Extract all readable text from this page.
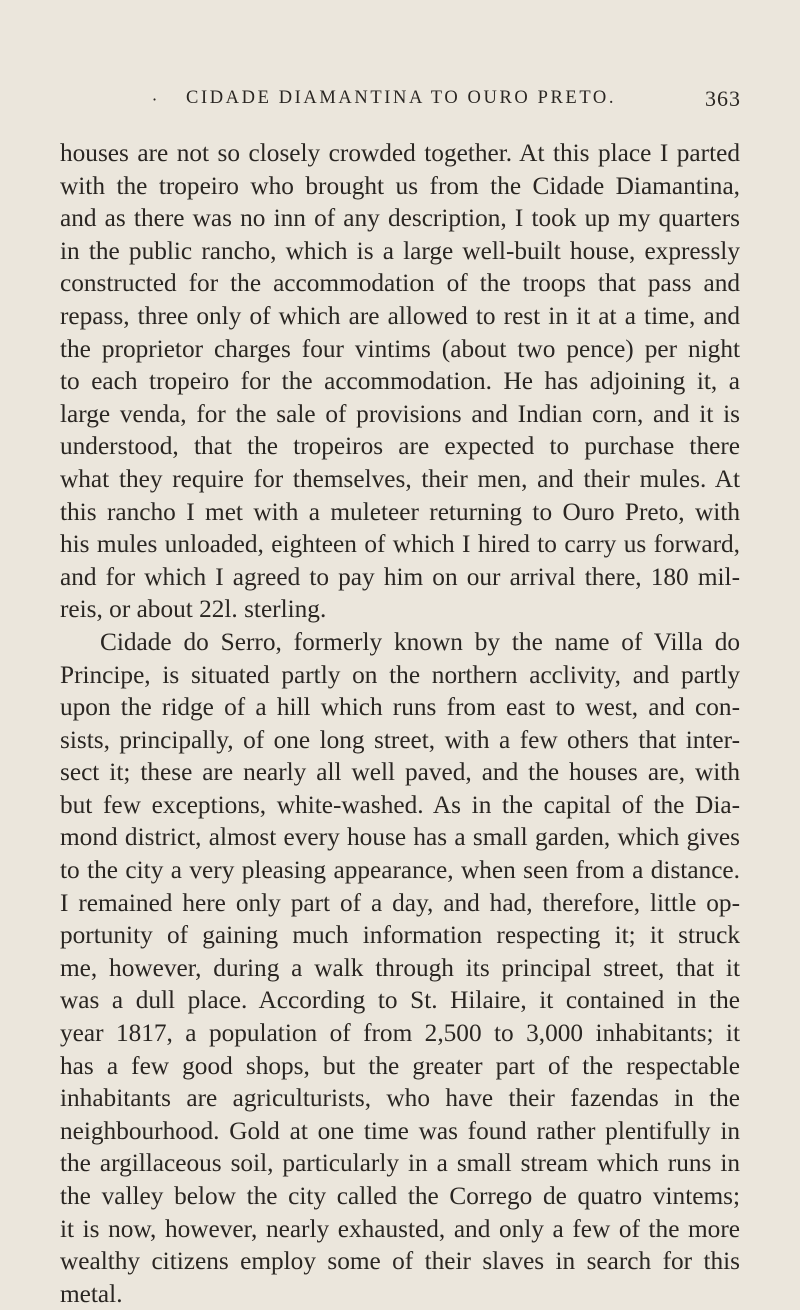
· CIDADE DIAMANTINA TO OURO PRETO.	363
houses are not so closely crowded together. At this place I parted
with the tropeiro who brought us from the Cidade Diamantina,
and as there was no inn of any description, I took up my quarters
in the public rancho, which is a large well-built house, expressly
constructed for the accommodation of the troops that pass and
repass, three only of which are allowed to rest in it at a time, and
the proprietor charges four vintims (about two pence) per night
to each tropeiro for the accommodation. He has adjoining it, a
large venda, for the sale of provisions and Indian corn, and it is
understood, that the tropeiros are expected to purchase there
what they require for themselves, their men, and their mules. At
this rancho I met with a muleteer returning to Ouro Preto, with
his mules unloaded, eighteen of which I hired to carry us forward,
and for which I agreed to pay him on our arrival there, 180 mil-
reis, or about 22l. sterling.
Cidade do Serro, formerly known by the name of Villa do
Principe, is situated partly on the northern acclivity, and partly
upon the ridge of a hill which runs from east to west, and con-
sists, principally, of one long street, with a few others that inter-
sect it; these are nearly all well paved, and the houses are, with
but few exceptions, white-washed. As in the capital of the Dia-
mond district, almost every house has a small garden, which gives
to the city a very pleasing appearance, when seen from a distance.
I remained here only part of a day, and had, therefore, little op-
portunity of gaining much information respecting it; it struck
me, however, during a walk through its principal street, that it
was a dull place. According to St. Hilaire, it contained in the
year 1817, a population of from 2,500 to 3,000 inhabitants; it
has a few good shops, but the greater part of the respectable
inhabitants are agriculturists, who have their fazendas in the
neighbourhood. Gold at one time was found rather plentifully in
the argillaceous soil, particularly in a small stream which runs in
the valley below the city called the Corrego de quatro vintems;
it is now, however, nearly exhausted, and only a few of the more
wealthy citizens employ some of their slaves in search for this
metal.
